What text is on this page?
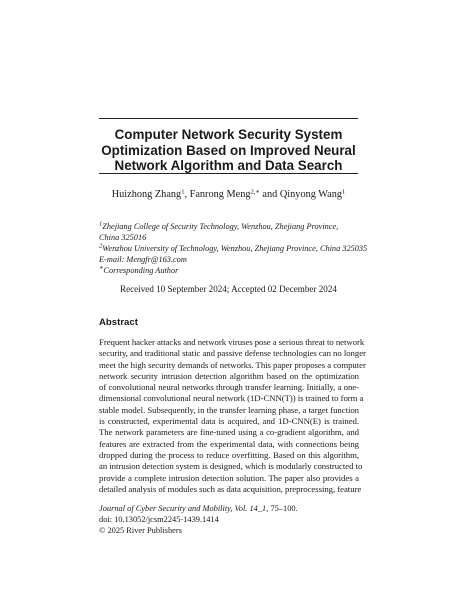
Computer Network Security System
Optimization Based on Improved Neural
Network Algorithm and Data Search
Huizhong Zhang$^1$, Fanrong Meng$^{2,∗}$ and Qinyong Wang$^1$
$^1$Zhejiang College of Security Technology, Wenzhou, Zhejiang Province,
China 325016
$^2$Wenzhou University of Technology, Wenzhou, Zhejiang Province, China 325035
E-mail: Mengfr@163.com
∗Corresponding Author
Received 10 September 2024; Accepted 02 December 2024
Abstract
Frequent hacker attacks and network viruses pose a serious threat to network
security, and traditional static and passive defense technologies can no longer
meet the high security demands of networks. This paper proposes a computer
network security intrusion detection algorithm based on the optimization
of convolutional neural networks through transfer learning. Initially, a one-
dimensional convolutional neural network (1D-CNN(T)) is trained to form a
stable model. Subsequently, in the transfer learning phase, a target function
is constructed, experimental data is acquired, and 1D-CNN(E) is trained.
The network parameters are fine-tuned using a co-gradient algorithm, and
features are extracted from the experimental data, with connections being
dropped during the process to reduce overfitting. Based on this algorithm,
an intrusion detection system is designed, which is modularly constructed to
provide a complete intrusion detection solution. The paper also provides a
detailed analysis of modules such as data acquisition, preprocessing, feature
Journal of Cyber Security and Mobility, Vol. 14_1, 75–100.
doi: 10.13052/jcsm2245-1439.1414
© 2025 River Publishers
